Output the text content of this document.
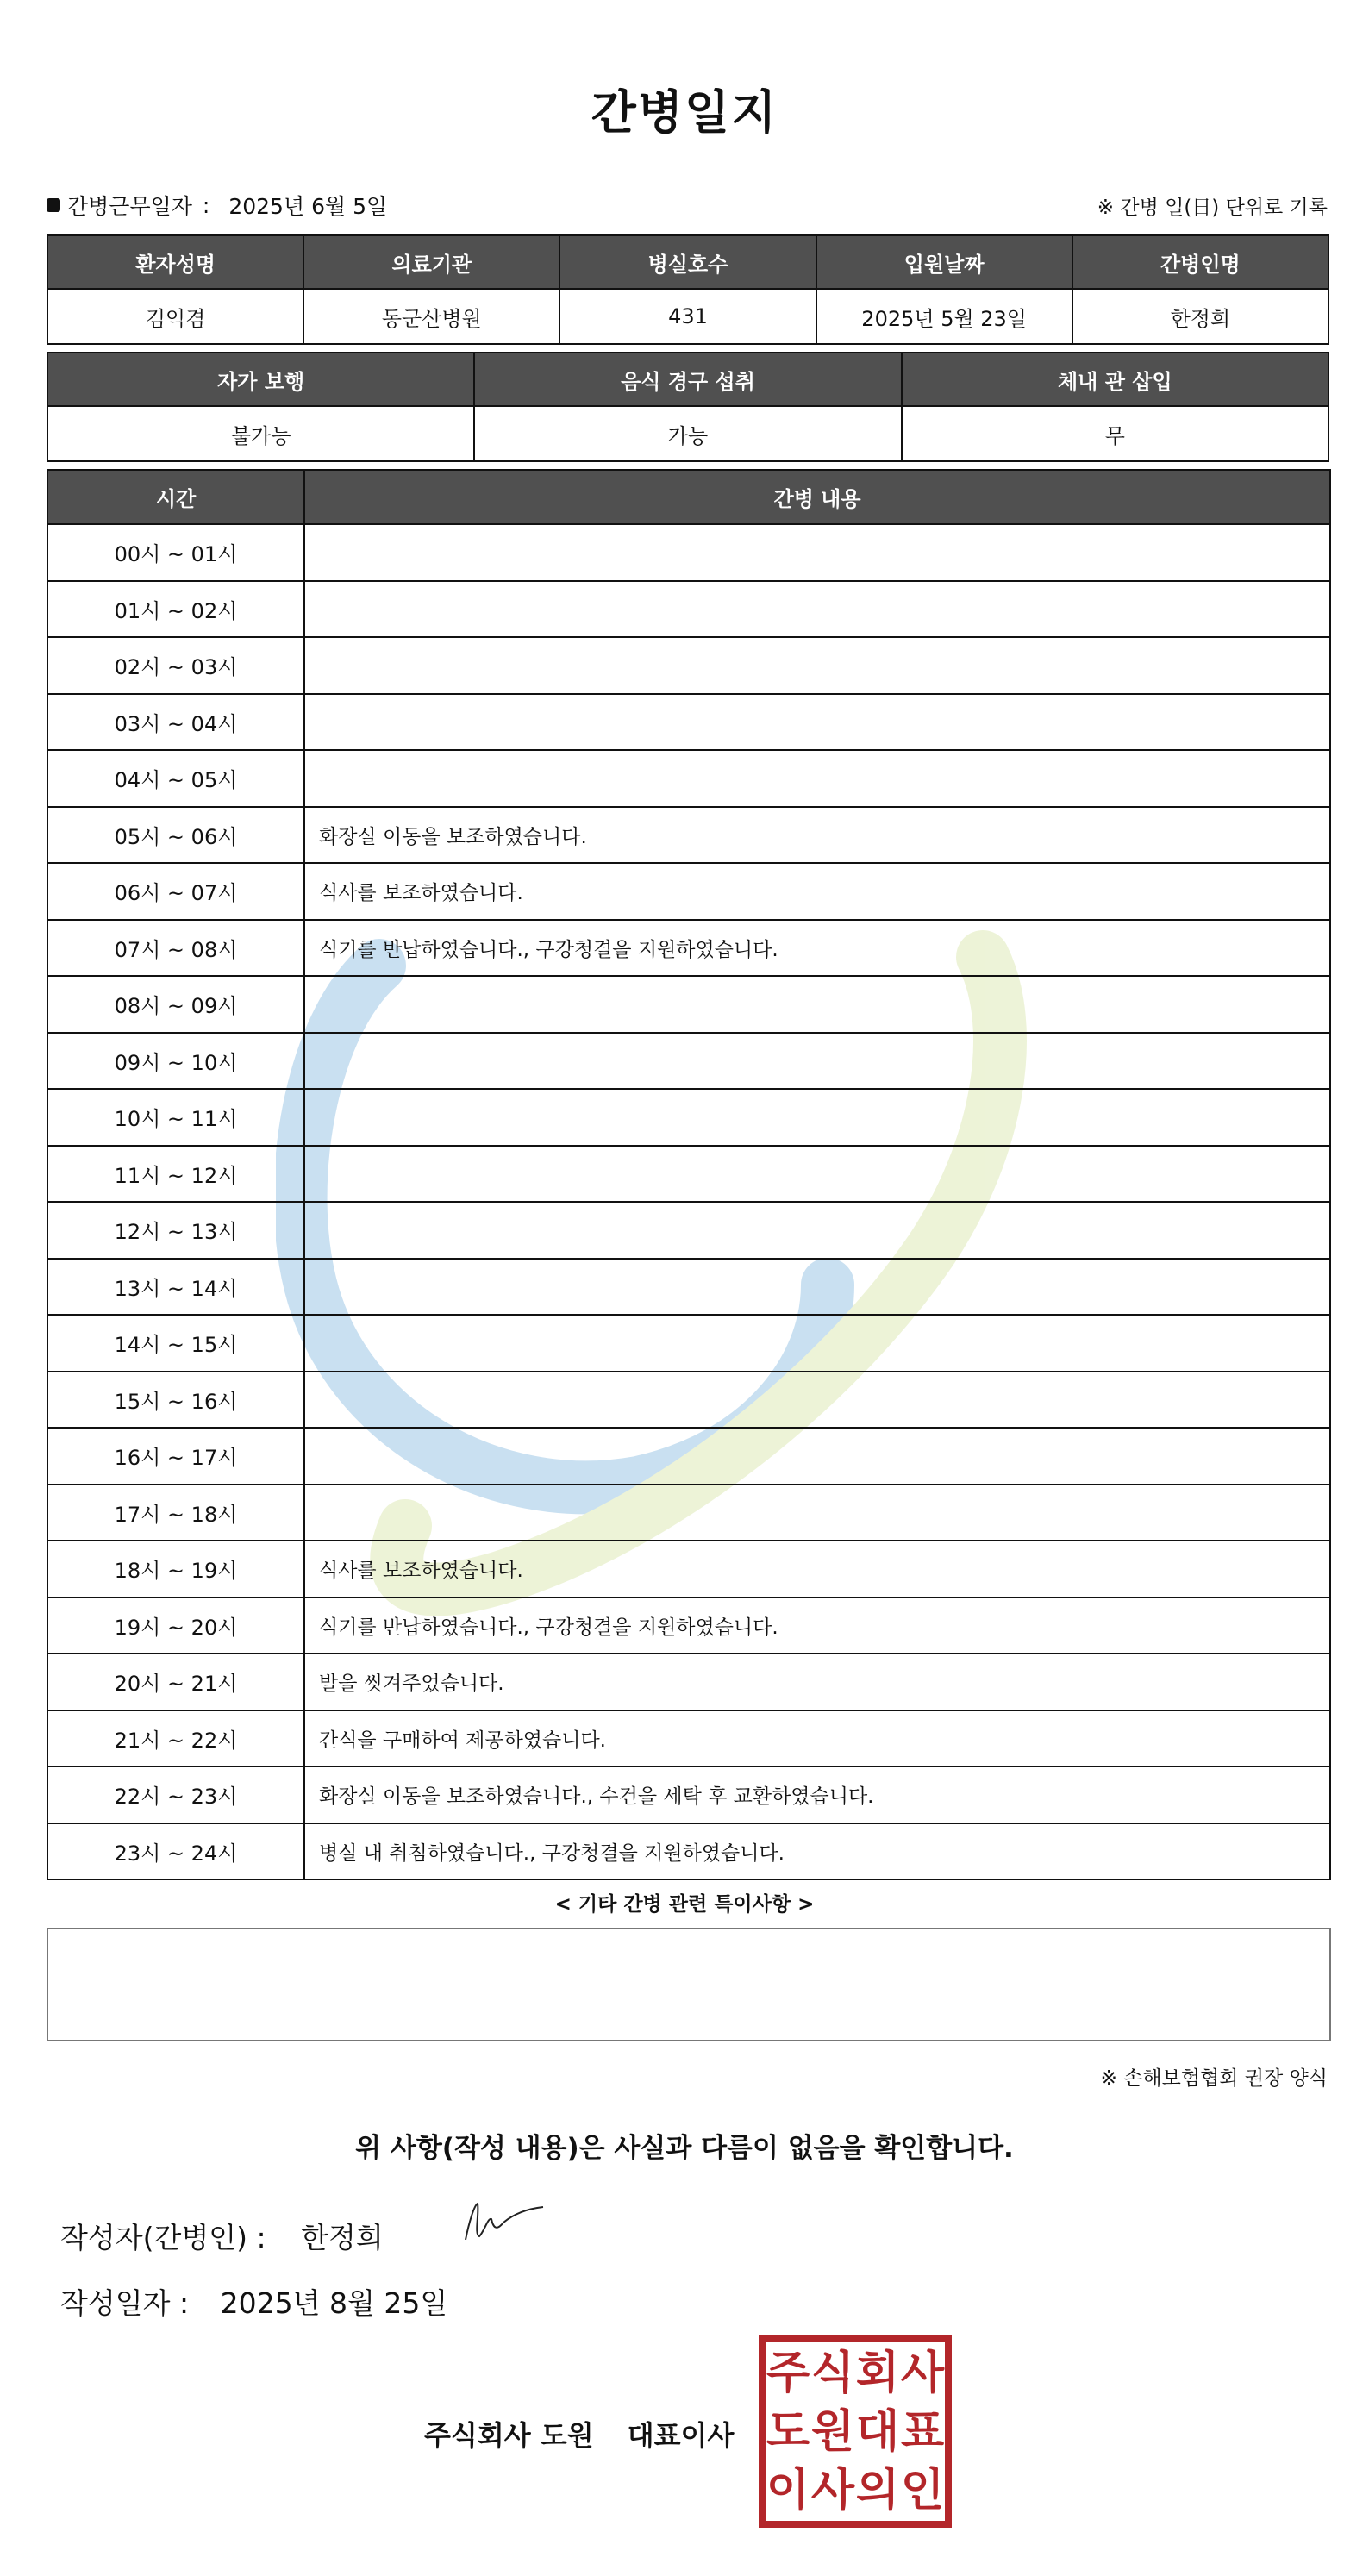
간병일지
간병근무일자 : 2025년 6월 5일	※ 간병 일(日) 단위로 기록
환자성명	의료기관	병실호수	입원날짜	간병인명
김익겸	동군산병원	431	2025년 5월 23일	한정희
자가 보행	음식 경구 섭취	체내 관 삽입
불가능	가능	무
시간	간병 내용
00시 ~ 01시	
01시 ~ 02시	
02시 ~ 03시	
03시 ~ 04시	
04시 ~ 05시	
05시 ~ 06시	화장실 이동을 보조하였습니다.
06시 ~ 07시	식사를 보조하였습니다.
07시 ~ 08시	식기를 반납하였습니다., 구강청결을 지원하였습니다.
08시 ~ 09시	
09시 ~ 10시	
10시 ~ 11시	
11시 ~ 12시	
12시 ~ 13시	
13시 ~ 14시	
14시 ~ 15시	
15시 ~ 16시	
16시 ~ 17시	
17시 ~ 18시	
18시 ~ 19시	식사를 보조하였습니다.
19시 ~ 20시	식기를 반납하였습니다., 구강청결을 지원하였습니다.
20시 ~ 21시	발을 씻겨주었습니다.
21시 ~ 22시	간식을 구매하여 제공하였습니다.
22시 ~ 23시	화장실 이동을 보조하였습니다., 수건을 세탁 후 교환하였습니다.
23시 ~ 24시	병실 내 취침하였습니다., 구강청결을 지원하였습니다.
< 기타 간병 관련 특이사항 >
※ 손해보험협회 권장 양식
위 사항(작성 내용)은 사실과 다름이 없음을 확인합니다.
작성자(간병인) : 한정희
작성일자 : 2025년 8월 25일
주식회사 도원 대표이사
주 식 회 사
도 원 대 표
이 사 의 인
